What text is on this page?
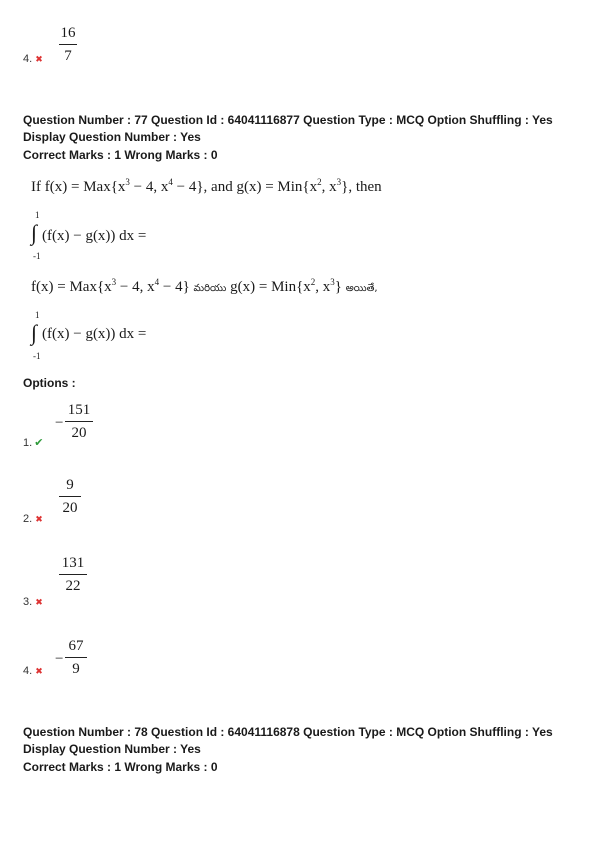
16
7
4. ✖
Question Number : 77 Question Id : 64041116877 Question Type : MCQ Option Shuffling : Yes
Display Question Number : Yes
Correct Marks : 1 Wrong Marks : 0
If $f(x) = Max\{x^3 - 4$, $x^4 - 4$}, and $g(x) = Min\{x^2$, $x^3$}, then
1
∫ (f(x) − g(x)) dx =
-1
$f(x) = Max\{x^3 - 4$, $x^4 - 4$} మరియు $g(x) = Min\{x^2$, $x^3$} అయితే,
1
∫ (f(x) − g(x)) dx =
-1
Options :
−
151
20
1. ✔
9
20
2. ✖
131
22
3. ✖
−
67
9
4. ✖
Question Number : 78 Question Id : 64041116878 Question Type : MCQ Option Shuffling : Yes
Display Question Number : Yes
Correct Marks : 1 Wrong Marks : 0
